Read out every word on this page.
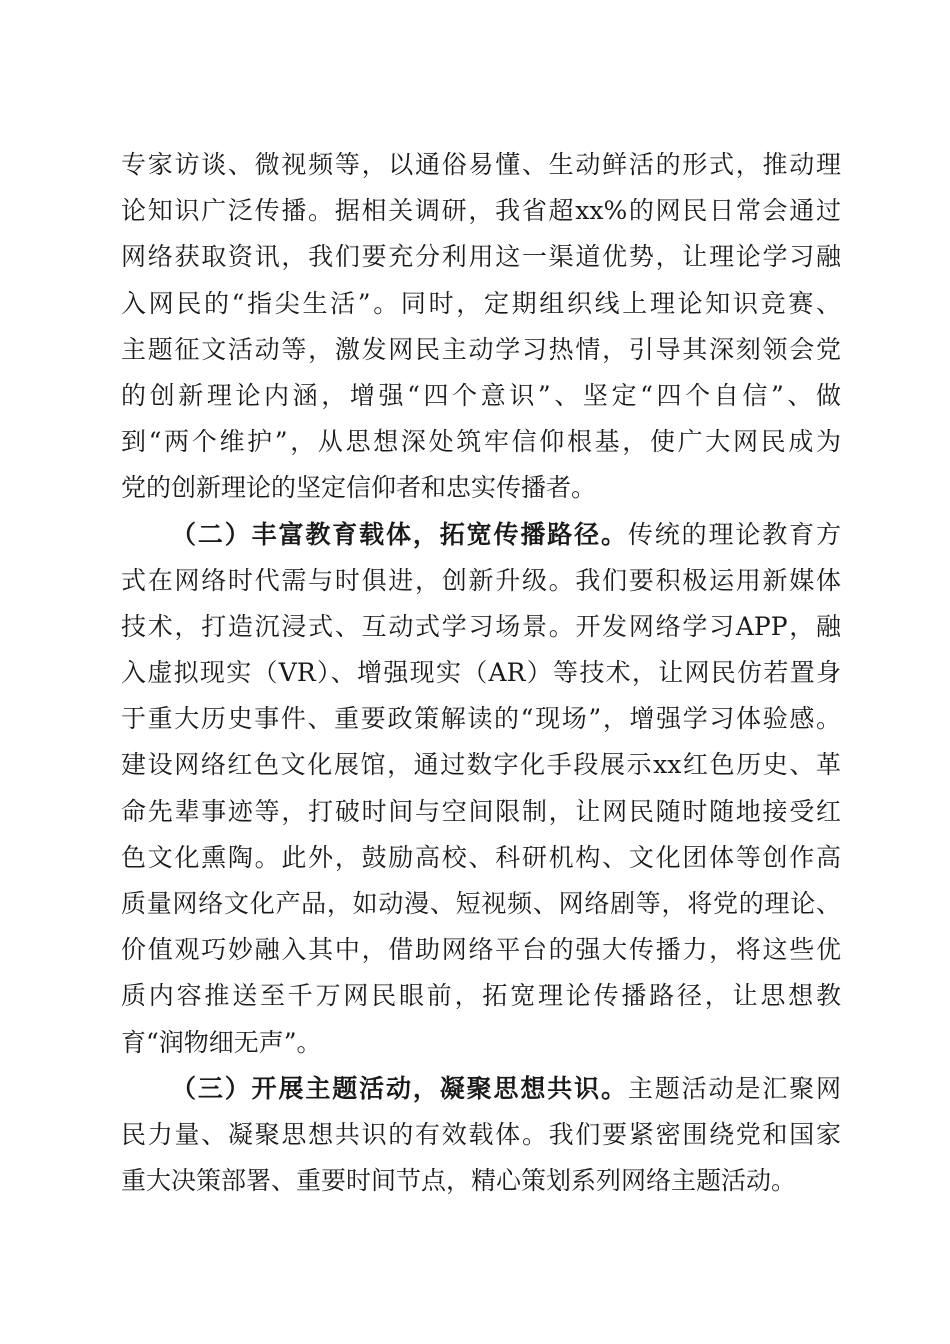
专家访谈、微视频等，以通俗易懂、生动鲜活的形式，推动理
论知识广泛传播。据相关调研，我省超xx%的网民日常会通过
网络获取资讯，我们要充分利用这一渠道优势，让理论学习融
入网民的“指尖生活”。同时，定期组织线上理论知识竞赛、
主题征文活动等，激发网民主动学习热情，引导其深刻领会党
的创新理论内涵，增强“四个意识”、坚定“四个自信”、做
到“两个维护”，从思想深处筑牢信仰根基，使广大网民成为
党的创新理论的坚定信仰者和忠实传播者。
（二）丰富教育载体，拓宽传播路径。传统的理论教育方
式在网络时代需与时俱进，创新升级。我们要积极运用新媒体
技术，打造沉浸式、互动式学习场景。开发网络学习APP，融
入虚拟现实（VR）、增强现实（AR）等技术，让网民仿若置身
于重大历史事件、重要政策解读的“现场”，增强学习体验感。
建设网络红色文化展馆，通过数字化手段展示xx红色历史、革
命先辈事迹等，打破时间与空间限制，让网民随时随地接受红
色文化熏陶。此外，鼓励高校、科研机构、文化团体等创作高
质量网络文化产品，如动漫、短视频、网络剧等，将党的理论、
价值观巧妙融入其中，借助网络平台的强大传播力，将这些优
质内容推送至千万网民眼前，拓宽理论传播路径，让思想教
育“润物细无声”。
（三）开展主题活动，凝聚思想共识。主题活动是汇聚网
民力量、凝聚思想共识的有效载体。我们要紧密围绕党和国家
重大决策部署、重要时间节点，精心策划系列网络主题活动。
